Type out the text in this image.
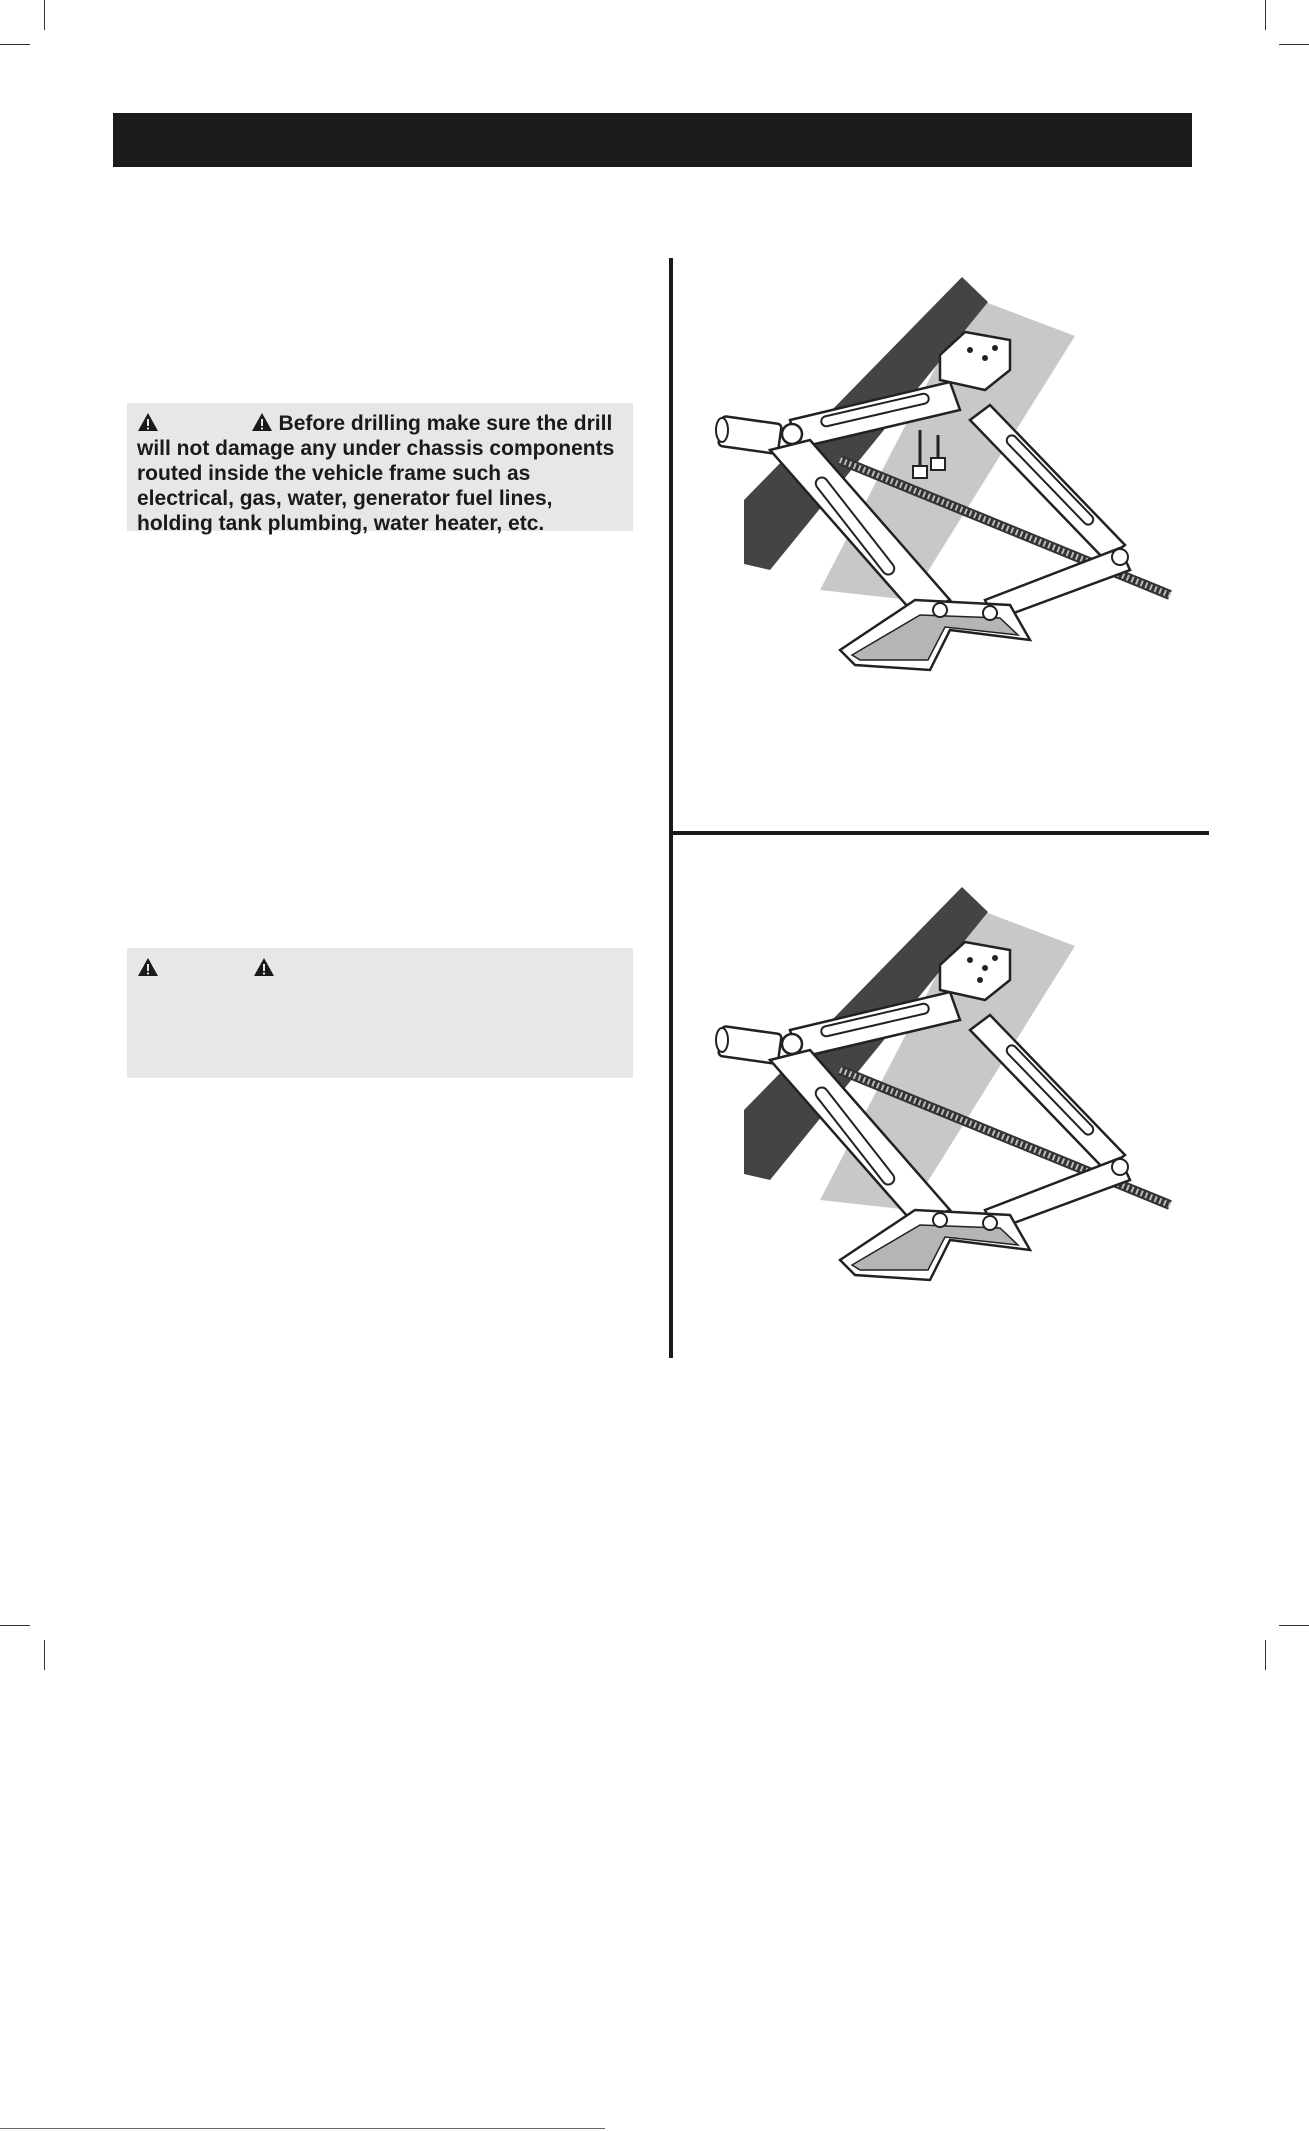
Before drilling make sure the drill will not damage any under chassis components routed inside the vehicle frame such as electrical, gas, water, generator fuel lines, holding tank plumbing, water heater, etc.
